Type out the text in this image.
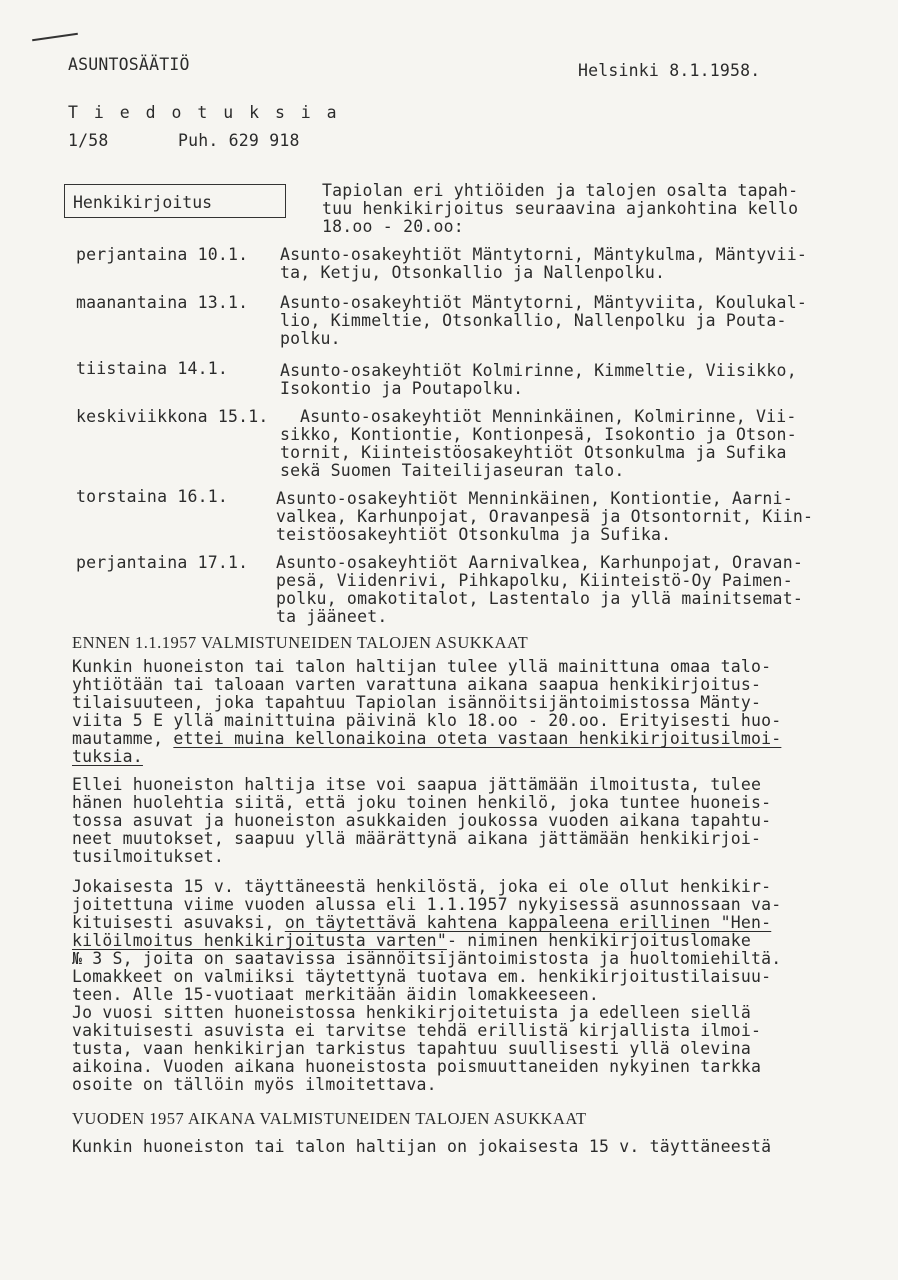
ASUNTOSÄÄTIÖ	Helsinki 8.1.1958.
T i e d o t u k s i a
1/58	Puh. 629 918
Henkikirjoitus
Tapiolan eri yhtiöiden ja talojen osalta tapah-
tuu henkikirjoitus seuraavina ajankohtina kello
18.oo - 20.oo:
perjantaina 10.1. Asunto-osakeyhtiöt Mäntytorni, Mäntykulma, Mäntyvii-
ta, Ketju, Otsonkallio ja Nallenpolku.
maanantaina 13.1. Asunto-osakeyhtiöt Mäntytorni, Mäntyviita, Koulukal-
lio, Kimmeltie, Otsonkallio, Nallenpolku ja Pouta-
polku.
tiistaina 14.1.	Asunto-osakeyhtiöt Kolmirinne, Kimmeltie, Viisikko,
Isokontio ja Poutapolku.
keskiviikkona 15.1. Asunto-osakeyhtiöt Menninkäinen, Kolmirinne, Vii-
sikko, Kontiontie, Kontionpesä, Isokontio ja Otson-
tornit, Kiinteistöosakeyhtiöt Otsonkulma ja Sufika
sekä Suomen Taiteilijaseuran talo.
torstaina 16.1.	Asunto-osakeyhtiöt Menninkäinen, Kontiontie, Aarni-
valkea, Karhunpojat, Oravanpesä ja Otsontornit, Kiin-
teistöosakeyhtiöt Otsonkulma ja Sufika.
perjantaina 17.1. Asunto-osakeyhtiöt Aarnivalkea, Karhunpojat, Oravan-
pesä, Viidenrivi, Pihkapolku, Kiinteistö-Oy Paimen-
polku, omakotitalot, Lastentalo ja yllä mainitsemat-
ta jääneet.
ENNEN 1.1.1957 VALMISTUNEIDEN TALOJEN ASUKKAAT
Kunkin huoneiston tai talon haltijan tulee yllä mainittuna omaa talo-
yhtiötään tai taloaan varten varattuna aikana saapua henkikirjoitus-
tilaisuuteen, joka tapahtuu Tapiolan isännöitsijäntoimistossa Mänty-
viita 5 E yllä mainittuina päivinä klo 18.oo - 20.oo. Erityisesti huo-
mautamme, ettei muina kellonaikoina oteta vastaan henkikirjoitusilmoi-
tuksia.
Ellei huoneiston haltija itse voi saapua jättämään ilmoitusta, tulee
hänen huolehtia siitä, että joku toinen henkilö, joka tuntee huoneis-
tossa asuvat ja huoneiston asukkaiden joukossa vuoden aikana tapahtu-
neet muutokset, saapuu yllä määrättynä aikana jättämään henkikirjoi-
tusilmoitukset.
Jokaisesta 15 v. täyttäneestä henkilöstä, joka ei ole ollut henkikir-
joitettuna viime vuoden alussa eli 1.1.1957 nykyisessä asunnossaan va-
kituisesti asuvaksi, on täytettävä kahtena kappaleena erillinen "Hen-
kilöilmoitus henkikirjoitusta varten"- niminen henkikirjoituslomake
№ 3 S, joita on saatavissa isännöitsijäntoimistosta ja huoltomiehiltä.
Lomakkeet on valmiiksi täytettynä tuotava em. henkikirjoitustilaisuu-
teen. Alle 15-vuotiaat merkitään äidin lomakkeeseen.
Jo vuosi sitten huoneistossa henkikirjoitetuista ja edelleen siellä
vakituisesti asuvista ei tarvitse tehdä erillistä kirjallista ilmoi-
tusta, vaan henkikirjan tarkistus tapahtuu suullisesti yllä olevina
aikoina. Vuoden aikana huoneistosta poismuuttaneiden nykyinen tarkka
osoite on tällöin myös ilmoitettava.
VUODEN 1957 AIKANA VALMISTUNEIDEN TALOJEN ASUKKAAT
Kunkin huoneiston tai talon haltijan on jokaisesta 15 v. täyttäneestä
